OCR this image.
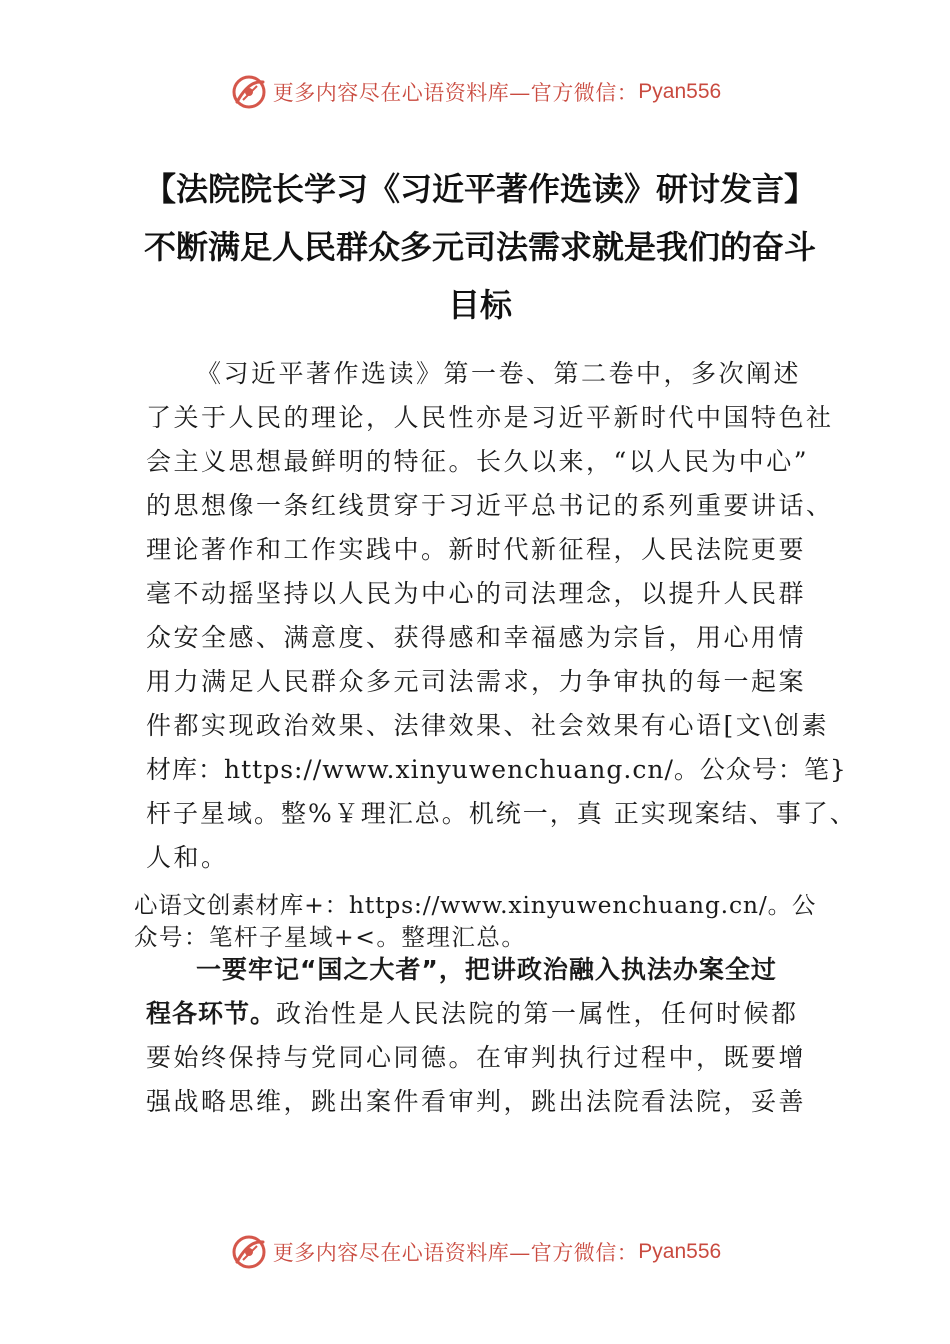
更多内容尽在心语资料库—官方微信： Pyan556
【法院院长学习《习近平著作选读》研讨发言】不断满足人民群众多元司法需求就是我们的奋斗目标
《习近平著作选读》第一卷、第二卷中，多次阐述
了关于人民的理论，人民性亦是习近平新时代中国特色社
会主义思想最鲜明的特征。长久以来，“以人民为中心”
的思想像一条红线贯穿于习近平总书记的系列重要讲话、
理论著作和工作实践中。新时代新征程，人民法院更要
毫不动摇坚持以人民为中心的司法理念，以提升人民群
众安全感、满意度、获得感和幸福感为宗旨，用心用情
用力满足人民群众多元司法需求，力争审执的每一起案
件都实现政治效果、法律效果、社会效果有心语[文\创素
材库：https://www.xinyuwenchuang.cn/。公众号：笔}
杆子星域。整%￥理汇总。机统一，真 正实现案结、事了、
人和。
心语文创素材库+：https://www.xinyuwenchuang.cn/。公
众号：笔杆子星域+<。整理汇总。
一要牢记“国之大者”，把讲政治融入执法办案全过
程各环节。政治性是人民法院的第一属性，任何时候都
要始终保持与党同心同德。在审判执行过程中，既要增
强战略思维，跳出案件看审判，跳出法院看法院，妥善
更多内容尽在心语资料库—官方微信： Pyan556
